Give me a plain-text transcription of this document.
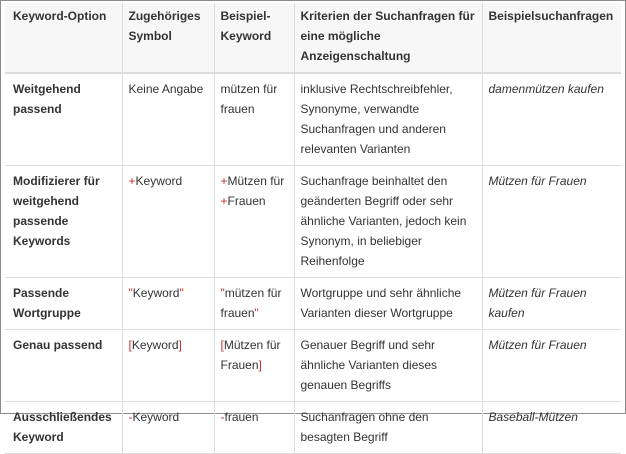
Keyword-Option	Zugehöriges Symbol	Beispiel-Keyword	Kriterien der Suchanfragen für eine mögliche Anzeigenschaltung	Beispielsuchanfragen
Weitgehend passend	Keine Angabe	mützen für frauen	inklusive Rechtschreibfehler, Synonyme, verwandte Suchanfragen und anderen relevanten Varianten	damenmützen kaufen
Modifizierer für weitgehend passende Keywords	+Keyword	+Mützen für +Frauen	Suchanfrage beinhaltet den geänderten Begriff oder sehr ähnliche Varianten, jedoch kein Synonym, in beliebiger Reihenfolge	Mützen für Frauen
Passende Wortgruppe	"Keyword"	"mützen für frauen"	Wortgruppe und sehr ähnliche Varianten dieser Wortgruppe	Mützen für Frauen kaufen
Genau passend	[Keyword]	[Mützen für Frauen]	Genauer Begriff und sehr ähnliche Varianten dieses genauen Begriffs	Mützen für Frauen
Ausschließendes Keyword	-Keyword	-frauen	Suchanfragen ohne den besagten Begriff	Baseball-Mützen
